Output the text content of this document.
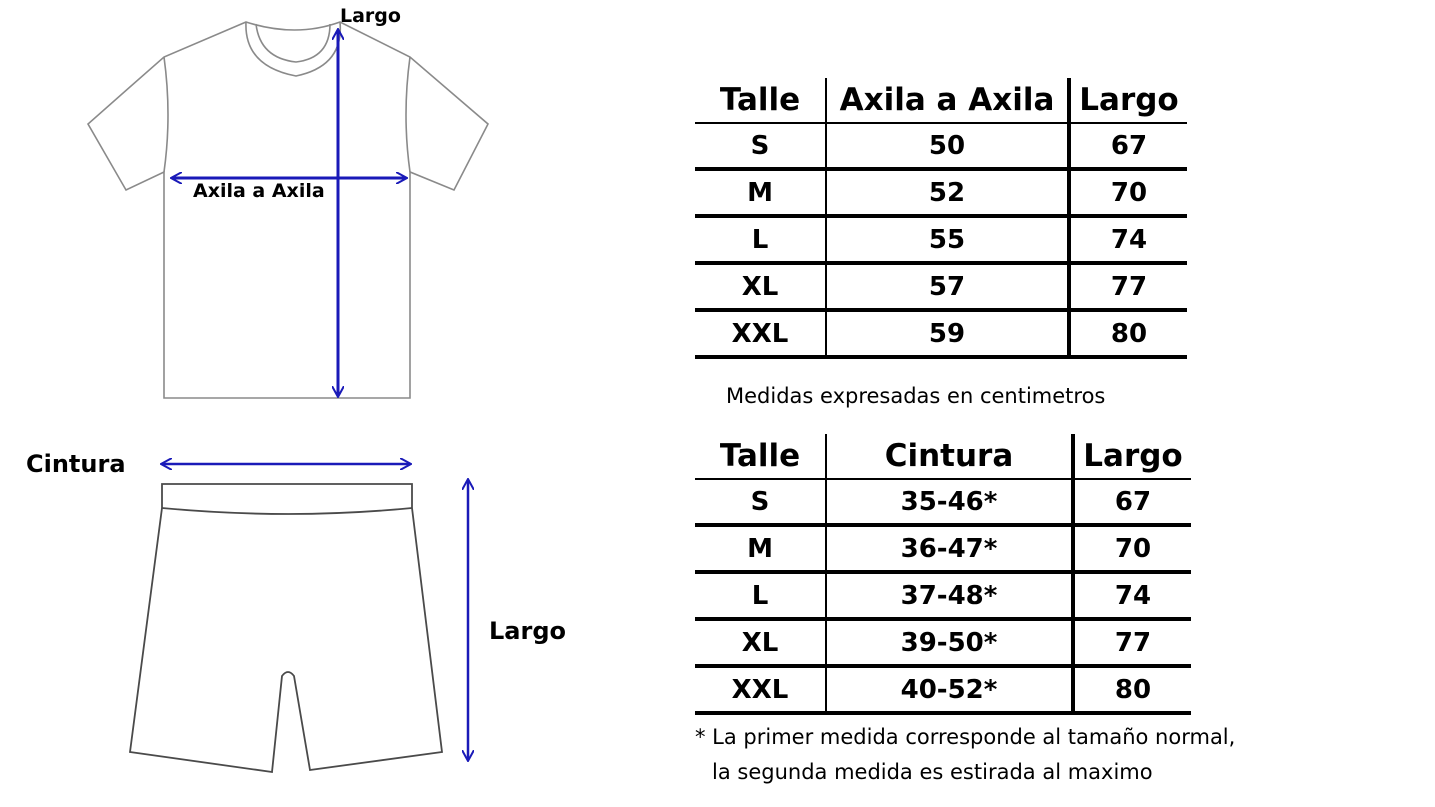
Largo
Axila a Axila
Cintura
Largo
Talle	Axila a Axila	Largo
S	50	67
M	52	70
L	55	74
XL	57	77
XXL	59	80
Medidas expresadas en centimetros
Talle	Cintura	Largo
S	35-46*	67
M	36-47*	70
L	37-48*	74
XL	39-50*	77
XXL	40-52*	80
* La primer medida corresponde al tamaño normal,
la segunda medida es estirada al maximo
